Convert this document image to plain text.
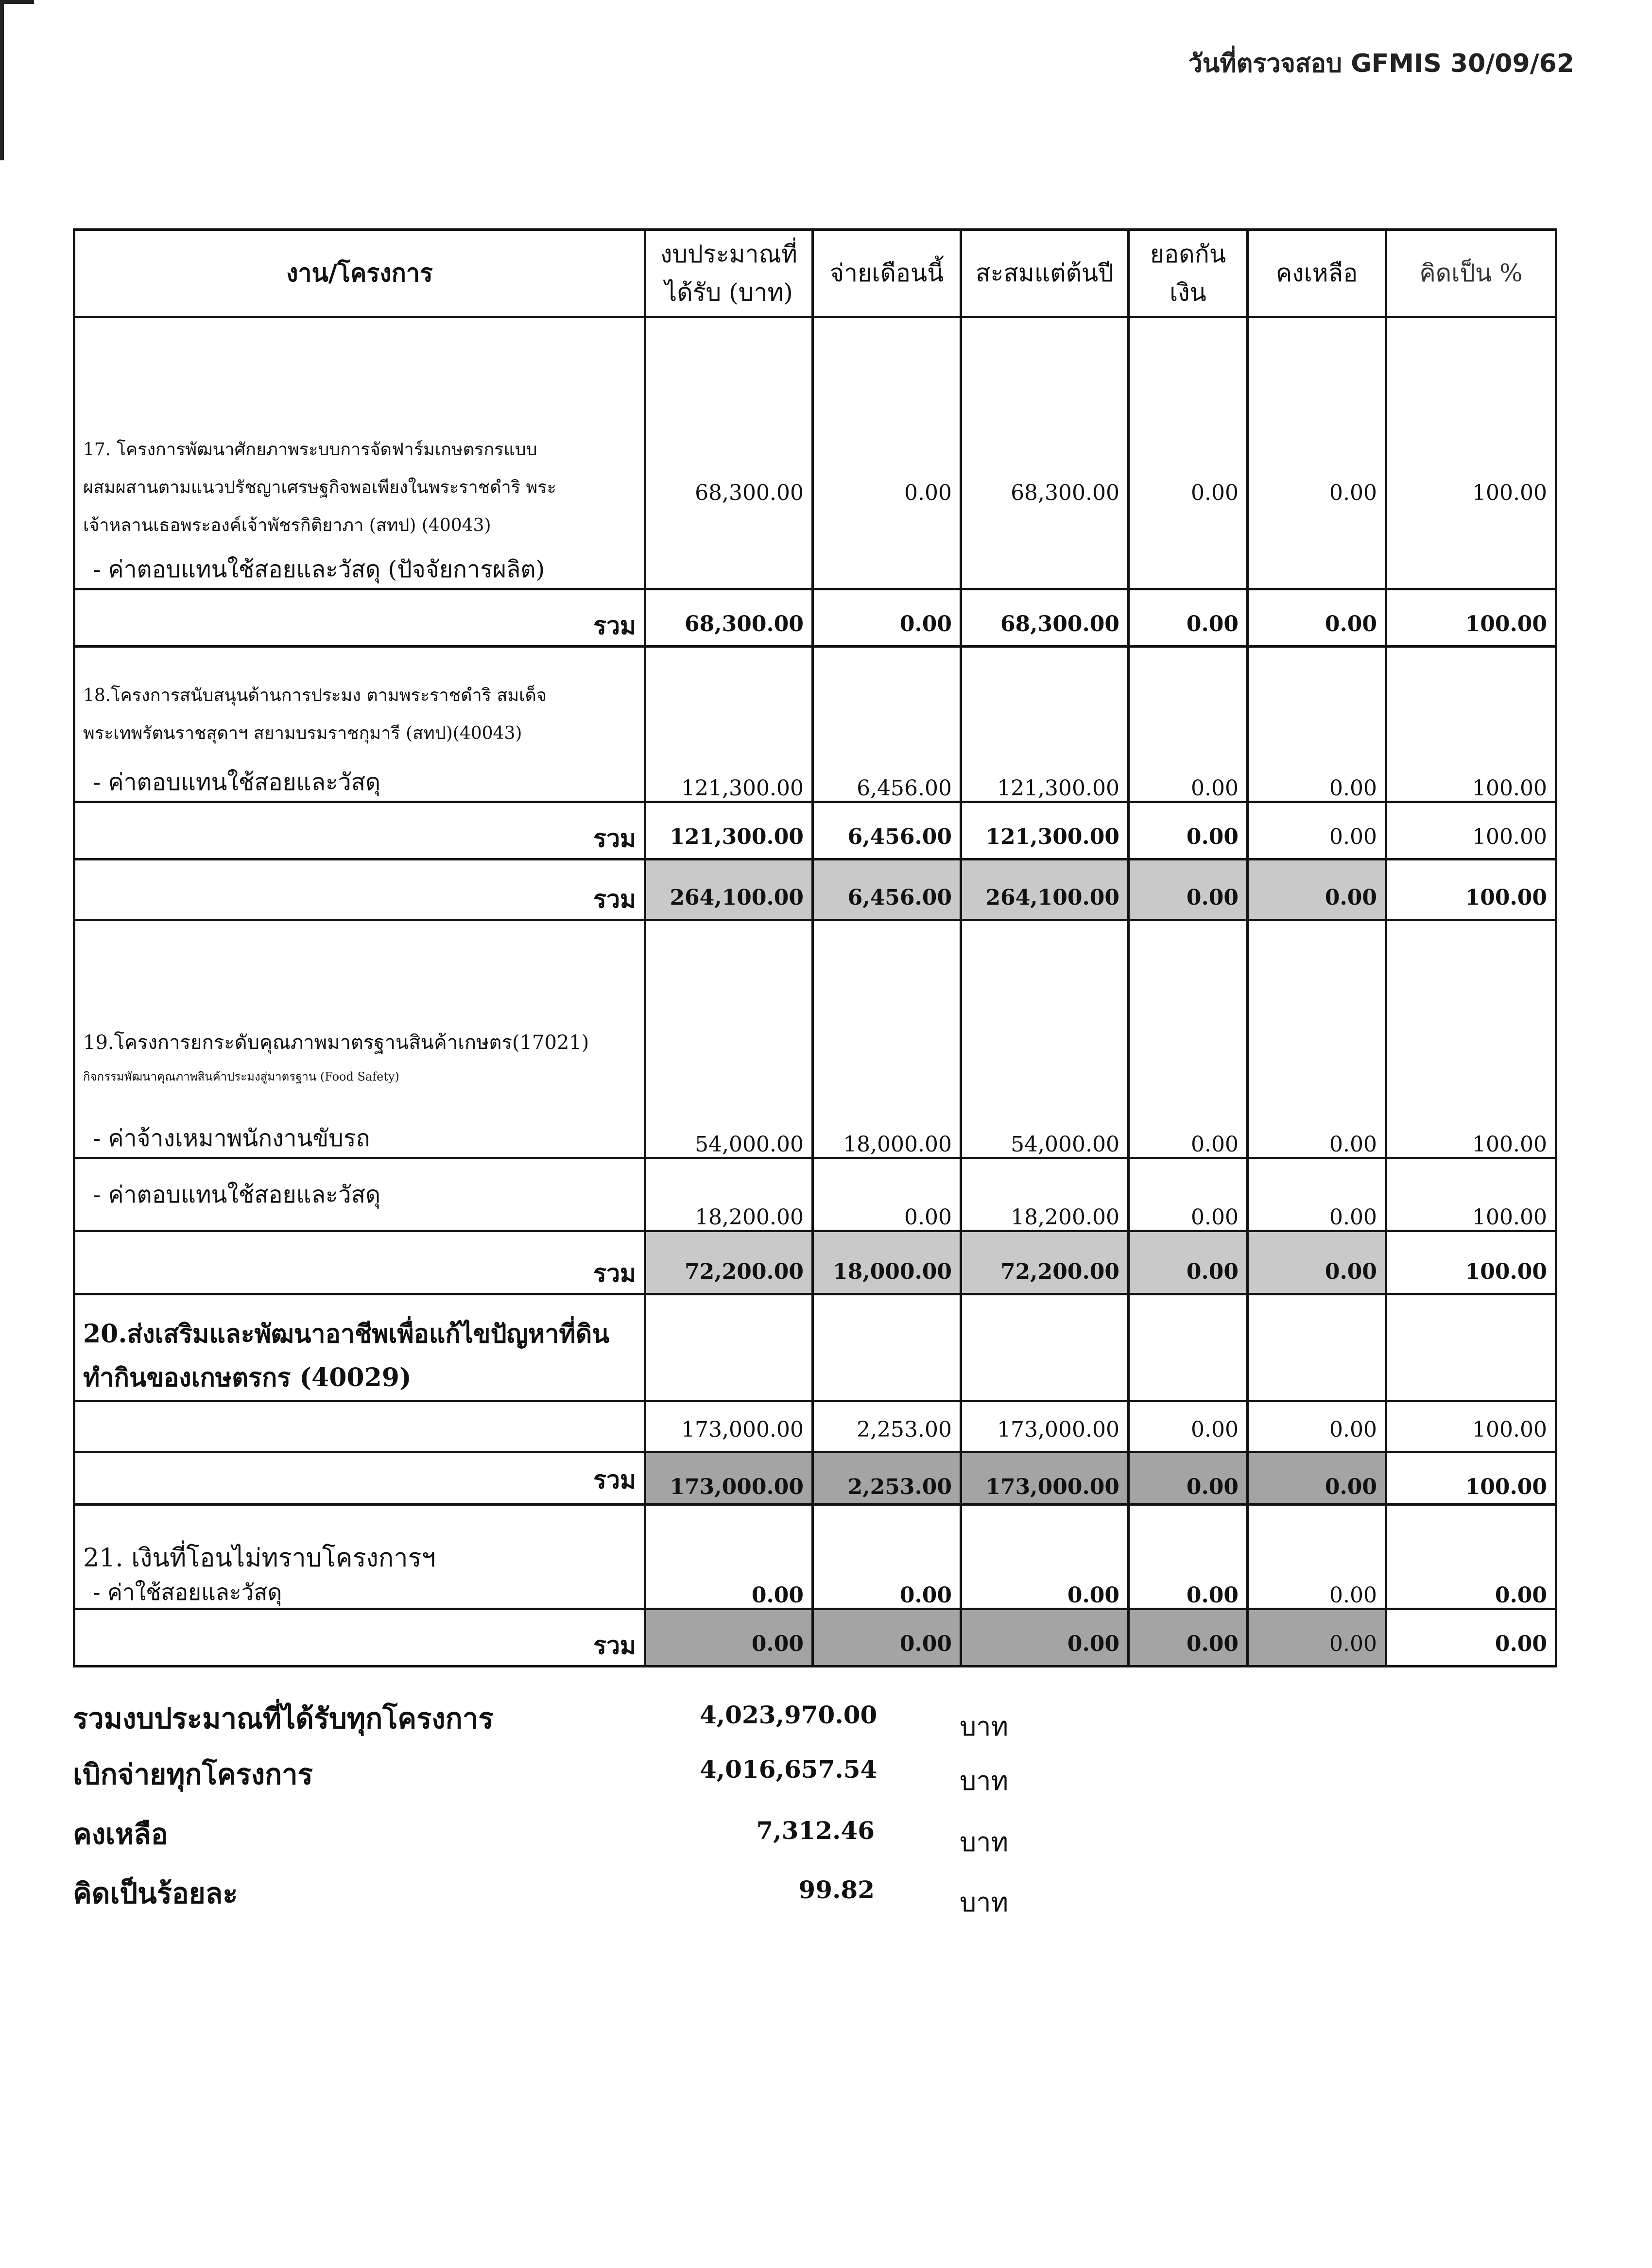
วันที่ตรวจสอบ GFMIS 30/09/62
งาน/โครงการ	งบประมาณที่ได้รับ (บาท)	จ่ายเดือนนี้	สะสมแต่ต้นปี	ยอดกันเงิน	คงเหลือ	คิดเป็น %

17. โครงการพัฒนาศักยภาพระบบการจัดฟาร์มเกษตรกรแบบ
ผสมผสานตามแนวปรัชญาเศรษฐกิจพอเพียงในพระราชดำริ พระ
เจ้าหลานเธอพระองค์เจ้าพัชรกิติยาภา (สทป) (40043)
- ค่าตอบแทนใช้สอยและวัสดุ (ปัจจัยการผลิต)	68,300.00	0.00	68,300.00	0.00	0.00	100.00
รวม	68,300.00	0.00	68,300.00	0.00	0.00	100.00

18.โครงการสนับสนุนด้านการประมง ตามพระราชดำริ สมเด็จ
พระเทพรัตนราชสุดาฯ สยามบรมราชกุมารี (สทป)(40043)
- ค่าตอบแทนใช้สอยและวัสดุ	121,300.00	6,456.00	121,300.00	0.00	0.00	100.00
รวม	121,300.00	6,456.00	121,300.00	0.00	0.00	100.00
รวม	264,100.00	6,456.00	264,100.00	0.00	0.00	100.00

19.โครงการยกระดับคุณภาพมาตรฐานสินค้าเกษตร(17021)
กิจกรรมพัฒนาคุณภาพสินค้าประมงสู่มาตรฐาน (Food Safety)
- ค่าจ้างเหมาพนักงานขับรถ	54,000.00	18,000.00	54,000.00	0.00	0.00	100.00

- ค่าตอบแทนใช้สอยและวัสดุ	18,200.00	0.00	18,200.00	0.00	0.00	100.00
รวม	72,200.00	18,000.00	72,200.00	0.00	0.00	100.00

20.ส่งเสริมและพัฒนาอาชีพเพื่อแก้ไขปัญหาที่ดิน
ทำกินของเกษตรกร (40029)						

	173,000.00	2,253.00	173,000.00	0.00	0.00	100.00
รวม	173,000.00	2,253.00	173,000.00	0.00	0.00	100.00

21. เงินที่โอนไม่ทราบโครงการฯ
- ค่าใช้สอยและวัสดุ	0.00	0.00	0.00	0.00	0.00	0.00
รวม	0.00	0.00	0.00	0.00	0.00	0.00
รวมงบประมาณที่ได้รับทุกโครงการ	4,023,970.00	บาท
เบิกจ่ายทุกโครงการ	4,016,657.54	บาท
คงเหลือ	7,312.46	บาท
คิดเป็นร้อยละ	99.82	บาท
